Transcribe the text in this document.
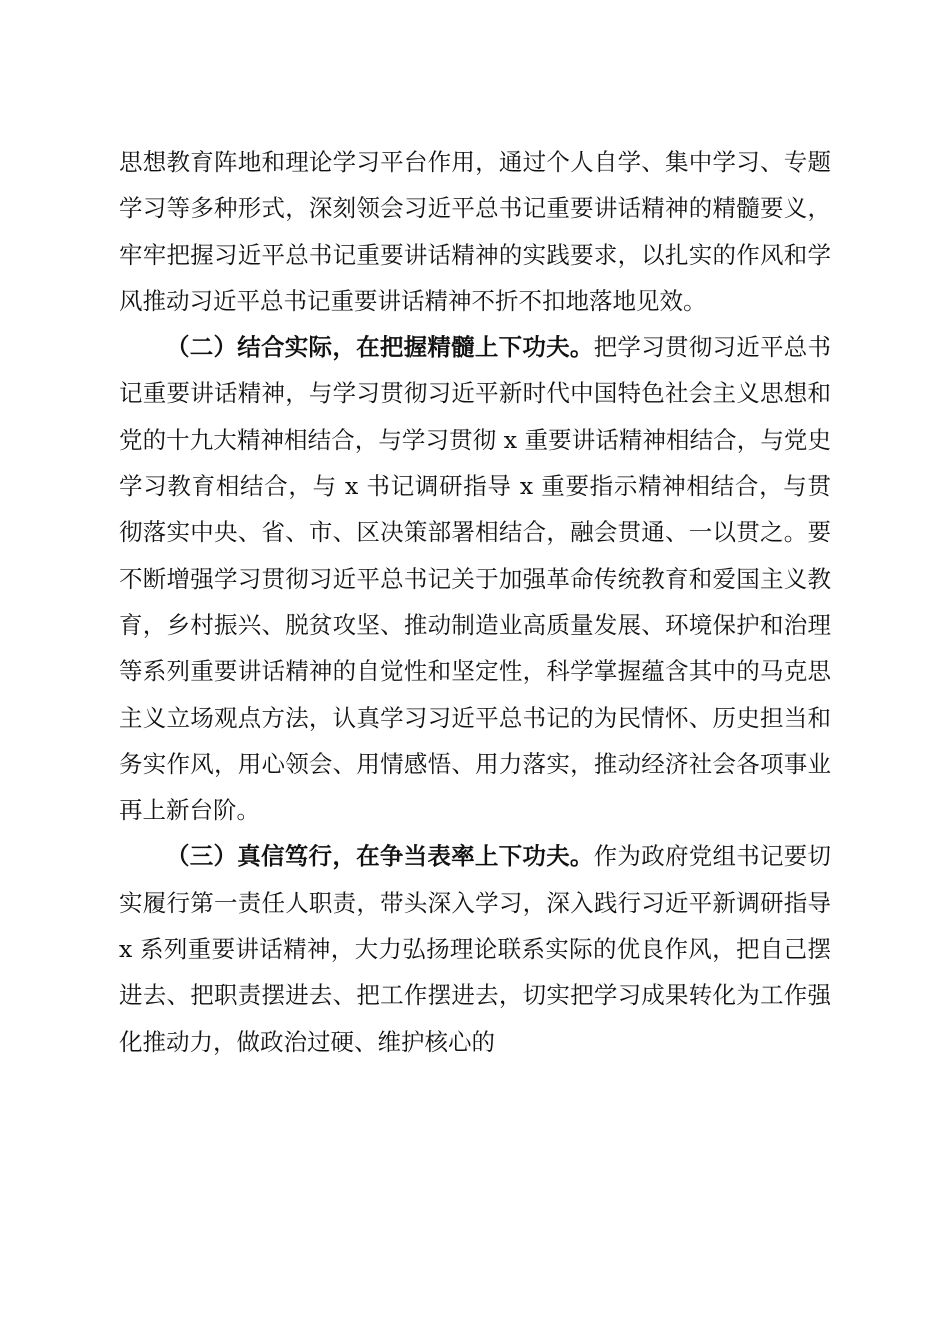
思想教育阵地和理论学习平台作用，通过个人自学、集中学习、专题学习等多种形式，深刻领会习近平总书记重要讲话精神的精髓要义，牢牢把握习近平总书记重要讲话精神的实践要求，以扎实的作风和学风推动习近平总书记重要讲话精神不折不扣地落地见效。

（二）结合实际，在把握精髓上下功夫。把学习贯彻习近平总书记重要讲话精神，与学习贯彻习近平新时代中国特色社会主义思想和党的十九大精神相结合，与学习贯彻 x 重要讲话精神相结合，与党史学习教育相结合，与 x 书记调研指导 x 重要指示精神相结合，与贯彻落实中央、省、市、区决策部署相结合，融会贯通、一以贯之。要不断增强学习贯彻习近平总书记关于加强革命传统教育和爱国主义教育，乡村振兴、脱贫攻坚、推动制造业高质量发展、环境保护和治理等系列重要讲话精神的自觉性和坚定性，科学掌握蕴含其中的马克思主义立场观点方法，认真学习习近平总书记的为民情怀、历史担当和务实作风，用心领会、用情感悟、用力落实，推动经济社会各项事业再上新台阶。

（三）真信笃行，在争当表率上下功夫。作为政府党组书记要切实履行第一责任人职责，带头深入学习，深入践行习近平新调研指导 x 系列重要讲话精神，大力弘扬理论联系实际的优良作风，把自己摆进去、把职责摆进去、把工作摆进去，切实把学习成果转化为工作强化推动力，做政治过硬、维护核心的
